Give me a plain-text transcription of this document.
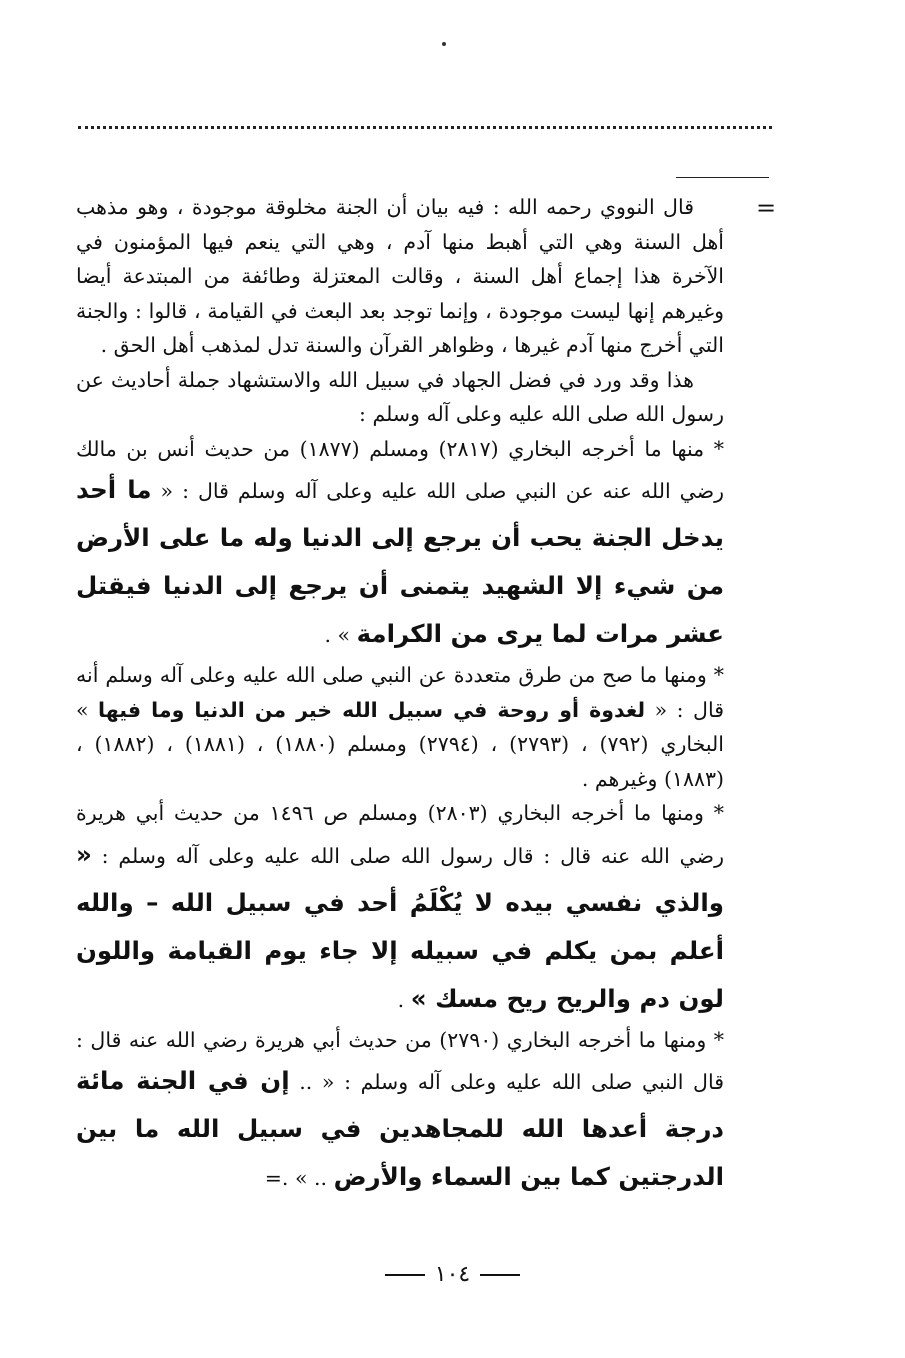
=

قال النووي رحمه الله : فيه بيان أن الجنة مخلوقة موجودة ، وهو مذهب أهل السنة وهي التي أهبط منها آدم ، وهي التي ينعم فيها المؤمنون في الآخرة هذا إجماع أهل السنة ، وقالت المعتزلة وطائفة من المبتدعة أيضا وغيرهم إنها ليست موجودة ، وإنما توجد بعد البعث في القيامة ، قالوا : والجنة التي أخرج منها آدم غيرها ، وظواهر القرآن والسنة تدل لمذهب أهل الحق .

هذا وقد ورد في فضل الجهاد في سبيل الله والاستشهاد جملة أحاديث عن رسول الله صلى الله عليه وعلى آله وسلم :

* منها ما أخرجه البخاري (٢٨١٧) ومسلم (١٨٧٧) من حديث أنس بن مالك رضي الله عنه عن النبي صلى الله عليه وعلى آله وسلم قال : « ما أحد يدخل الجنة يحب أن يرجع إلى الدنيا وله ما على الأرض من شيء إلا الشهيد يتمنى أن يرجع إلى الدنيا فيقتل عشر مرات لما يرى من الكرامة » .

* ومنها ما صح من طرق متعددة عن النبي صلى الله عليه وعلى آله وسلم أنه قال : « لغدوة أو روحة في سبيل الله خير من الدنيا وما فيها » البخاري (٧٩٢) ، (٢٧٩٣) ، (٢٧٩٤) ومسلم (١٨٨٠) ، (١٨٨١) ، (١٨٨٢) ، (١٨٨٣) وغيرهم .

* ومنها ما أخرجه البخاري (٢٨٠٣) ومسلم ص ١٤٩٦ من حديث أبي هريرة رضي الله عنه قال : قال رسول الله صلى الله عليه وعلى آله وسلم : « والذي نفسي بيده لا يُكْلَمُ أحد في سبيل الله – والله أعلم بمن يكلم في سبيله إلا جاء يوم القيامة واللون لون دم والريح ريح مسك » .

* ومنها ما أخرجه البخاري (٢٧٩٠) من حديث أبي هريرة رضي الله عنه قال : قال النبي صلى الله عليه وعلى آله وسلم : « .. إن في الجنة مائة درجة أعدها الله للمجاهدين في سبيل الله ما بين الدرجتين كما بين السماء والأرض .. » .=

١٠٤
